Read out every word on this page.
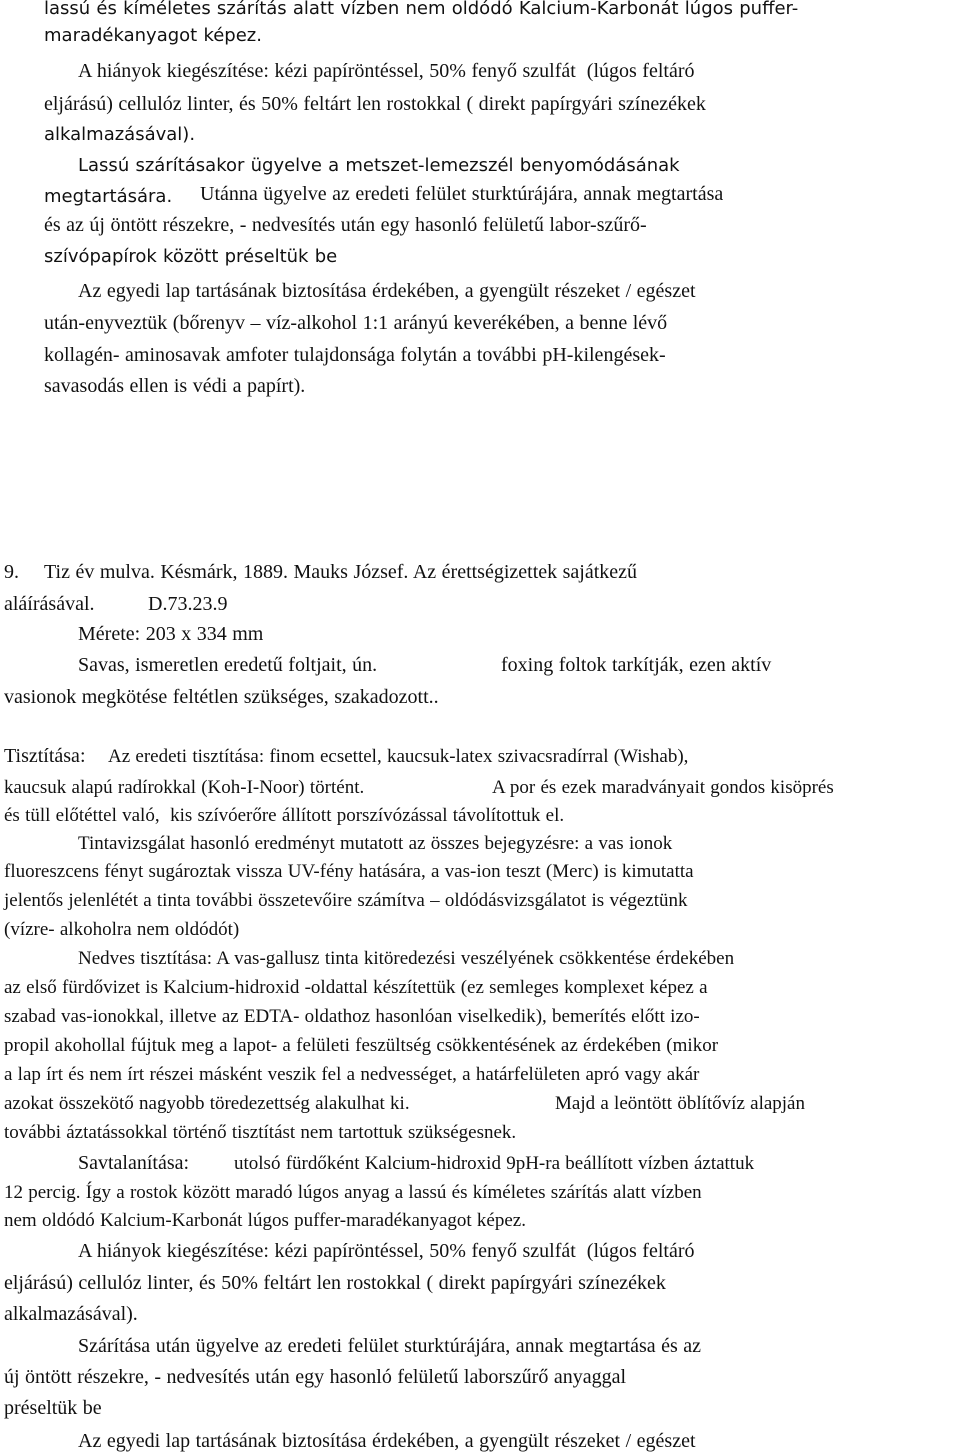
lassú és kíméletes szárítás alatt vízben nem oldódó Kalcium-Karbonát lúgos puffer-

maradékanyagot képez.

A hiányok kiegészítése: kézi papíröntéssel, 50% fenyő szulfát  (lúgos feltáró

eljárású) cellulóz linter, és 50% feltárt len rostokkal ( direkt papírgyári színezékek

alkalmazásával).

Lassú szárításakor ügyelve a metszet-lemezszél benyomódásának

megtartására. Utánna ügyelve az eredeti felület sturktúrájára, annak megtartása

és az új öntött részekre, - nedvesítés után egy hasonló felületű labor-szűrő-

szívópapírok között préseltük be

Az egyedi lap tartásának biztosítása érdekében, a gyengült részeket / egészet

után-enyveztük (bőrenyv – víz-alkohol 1:1 arányú keverékében, a benne lévő

kollagén- aminosavak amfoter tulajdonsága folytán a további pH-kilengések-

savasodás ellen is védi a papírt).

9. Tiz év mulva. Késmárk, 1889. Mauks József. Az érettségizettek sajátkezű

aláírásával.	D.73.23.9

Mérete: 203 x 334 mm

Savas, ismeretlen eredetű foltjait, ún.	foxing foltok tarkítják, ezen aktív

vasionok megkötése feltétlen szükséges, szakadozott..

Tisztítása: Az eredeti tisztítása: finom ecsettel, kaucsuk-latex szivacsradírral (Wishab),

kaucsuk alapú radírokkal (Koh-I-Noor) történt.	A por és ezek maradványait gondos kisöprés

és tüll előtéttel való,  kis szívóerőre állított porszívózással távolítottuk el.

Tintavizsgálat hasonló eredményt mutatott az összes bejegyzésre: a vas ionok

fluoreszcens fényt sugároztak vissza UV-fény hatására, a vas-ion teszt (Merc) is kimutatta

jelentős jelenlétét a tinta további összetevőire számítva – oldódásvizsgálatot is végeztünk

(vízre- alkoholra nem oldódót)

Nedves tisztítása: A vas-gallusz tinta kitöredezési veszélyének csökkentése érdekében

az első fürdővizet is Kalcium-hidroxid -oldattal készítettük (ez semleges komplexet képez a

szabad vas-ionokkal, illetve az EDTA- oldathoz hasonlóan viselkedik), bemerítés előtt izo-

propil akohollal fújtuk meg a lapot- a felületi feszültség csökkentésének az érdekében (mikor

a lap írt és nem írt részei másként veszik fel a nedvességet, a határfelületen apró vagy akár

azokat összekötő nagyobb töredezettség alakulhat ki.	Majd a leöntött öblítővíz alapján

további áztatássokkal történő tisztítást nem tartottuk szükségesnek.

Savtalanítása: utolsó fürdőként Kalcium-hidroxid 9pH-ra beállított vízben áztattuk

12 percig. Így a rostok között maradó lúgos anyag a lassú és kíméletes szárítás alatt vízben

nem oldódó Kalcium-Karbonát lúgos puffer-maradékanyagot képez.

A hiányok kiegészítése: kézi papíröntéssel, 50% fenyő szulfát  (lúgos feltáró

eljárású) cellulóz linter, és 50% feltárt len rostokkal ( direkt papírgyári színezékek

alkalmazásával).

Szárítása után ügyelve az eredeti felület sturktúrájára, annak megtartása és az

új öntött részekre, - nedvesítés után egy hasonló felületű laborszűrő anyaggal

préseltük be

Az egyedi lap tartásának biztosítása érdekében, a gyengült részeket / egészet
